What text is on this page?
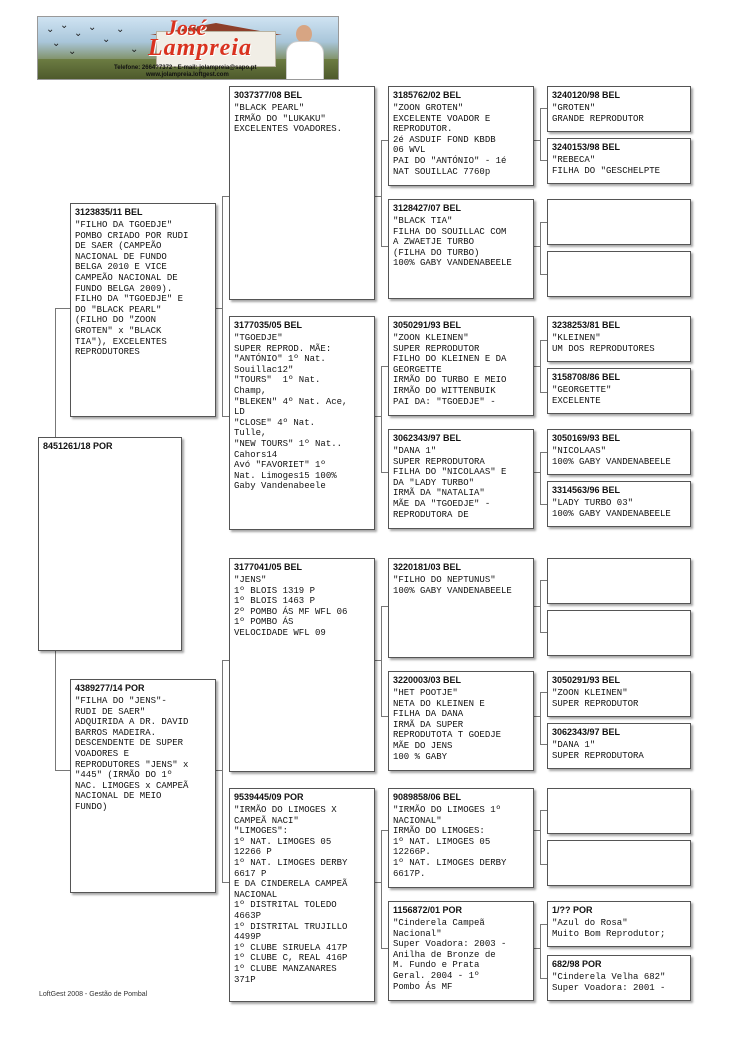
⌄ ⌄
⌄
⌄
⌄
⌄
⌄
⌄	⌄
José
Lampreia
Telefone: 2664?7372 - E-mail: jolampreia@sapo.pt
www.jolampreia.loftgest.com
8451261/18 POR
3123835/11 BEL
"FILHO DA TGOEDJE"
POMBO CRIADO POR RUDI
DE SAER (CAMPEÃO
NACIONAL DE FUNDO
BELGA 2010 E VICE
CAMPEÃO NACIONAL DE
FUNDO BELGA 2009).
FILHO DA "TGOEDJE" E
DO "BLACK PEARL"
(FILHO DO "ZOON
GROTEN" x "BLACK
TIA"), EXCELENTES
REPRODUTORES
4389277/14 POR
"FILHA DO "JENS"-
RUDI DE SAER"
ADQUIRIDA A DR. DAVID
BARROS MADEIRA.
DESCENDENTE DE SUPER
VOADORES E
REPRODUTORES "JENS" x
"445" (IRMÃO DO 1º
NAC. LIMOGES x CAMPEÃ
NACIONAL DE MEIO
FUNDO)
3037377/08 BEL
"BLACK PEARL"
IRMÃO DO "LUKAKU"
EXCELENTES VOADORES.
3177035/05 BEL
"TGOEDJE"
SUPER REPROD. MÃE:
"ANTÓNIO" 1º Nat.
Souillac12"
"TOURS"  1º Nat.
Champ,
"BLEKEN" 4º Nat. Ace,
LD
"CLOSE" 4º Nat.
Tulle,
"NEW TOURS" 1º Nat..
Cahors14
Avó "FAVORIET" 1º
Nat. Limoges15 100%
Gaby Vandenabeele
3177041/05 BEL
"JENS"
1º BLOIS 1319 P
1º BLOIS 1463 P
2º POMBO ÁS MF WFL 06
1º POMBO ÁS
VELOCIDADE WFL 09
9539445/09 POR
"IRMÃO DO LIMOGES X
CAMPEÃ NACI"
"LIMOGES":
1º NAT. LIMOGES 05
12266 P
1º NAT. LIMOGES DERBY
6617 P
E DA CINDERELA CAMPEÃ
NACIONAL
1º DISTRITAL TOLEDO
4663P
1º DISTRITAL TRUJILLO
4499P
1º CLUBE SIRUELA 417P
1º CLUBE C, REAL 416P
1º CLUBE MANZANARES
371P
3185762/02 BEL
"ZOON GROTEN"
EXCELENTE VOADOR E
REPRODUTOR.
2é ASDUIF FOND KBDB
06 WVL
PAI DO "ANTÓNIO" - 1é
NAT SOUILLAC 7760p
3128427/07 BEL
"BLACK TIA"
FILHA DO SOUILLAC COM
A ZWAETJE TURBO
(FILHA DO TURBO)
100% GABY VANDENABEELE
3050291/93 BEL
"ZOON KLEINEN"
SUPER REPRODUTOR
FILHO DO KLEINEN E DA
GEORGETTE
IRMÃO DO TURBO E MEIO
IRMÃO DO WITTENBUIK
PAI DA: "TGOEDJE" -
3062343/97 BEL
"DANA 1"
SUPER REPRODUTORA
FILHA DO "NICOLAAS" E
DA "LADY TURBO"
IRMÃ DA "NATALIA"
MÃE DA "TGOEDJE" -
REPRODUTORA DE
3220181/03 BEL
"FILHO DO NEPTUNUS"
100% GABY VANDENABEELE
3220003/03 BEL
"HET POOTJE"
NETA DO KLEINEN E
FILHA DA DANA
IRMÃ DA SUPER
REPRODUTOTA T GOEDJE
MÃE DO JENS
100 % GABY
9089858/06 BEL
"IRMÃO DO LIMOGES 1º
NACIONAL"
IRMÃO DO LIMOGES:
1º NAT. LIMOGES 05
12266P.
1º NAT. LIMOGES DERBY
6617P.
1156872/01 POR
"Cinderela Campeã
Nacional"
Super Voadora: 2003 -
Anilha de Bronze de
M. Fundo e Prata
Geral. 2004 - 1º
Pombo Ás MF
3240120/98 BEL
"GROTEN"
GRANDE REPRODUTOR
3240153/98 BEL
"REBECA"
FILHA DO "GESCHELPTE
3238253/81 BEL
"KLEINEN"
UM DOS REPRODUTORES
3158708/86 BEL
"GEORGETTE"
EXCELENTE
3050169/93 BEL
"NICOLAAS"
100% GABY VANDENABEELE
3314563/96 BEL
"LADY TURBO 03"
100% GABY VANDENABEELE
3050291/93 BEL
"ZOON KLEINEN"
SUPER REPRODUTOR
3062343/97 BEL
"DANA 1"
SUPER REPRODUTORA
1/?? POR
"Azul do Rosa"
Muito Bom Reprodutor;
682/98 POR
"Cinderela Velha 682"
Super Voadora: 2001 -
LoftGest 2008 - Gestão de Pombal
